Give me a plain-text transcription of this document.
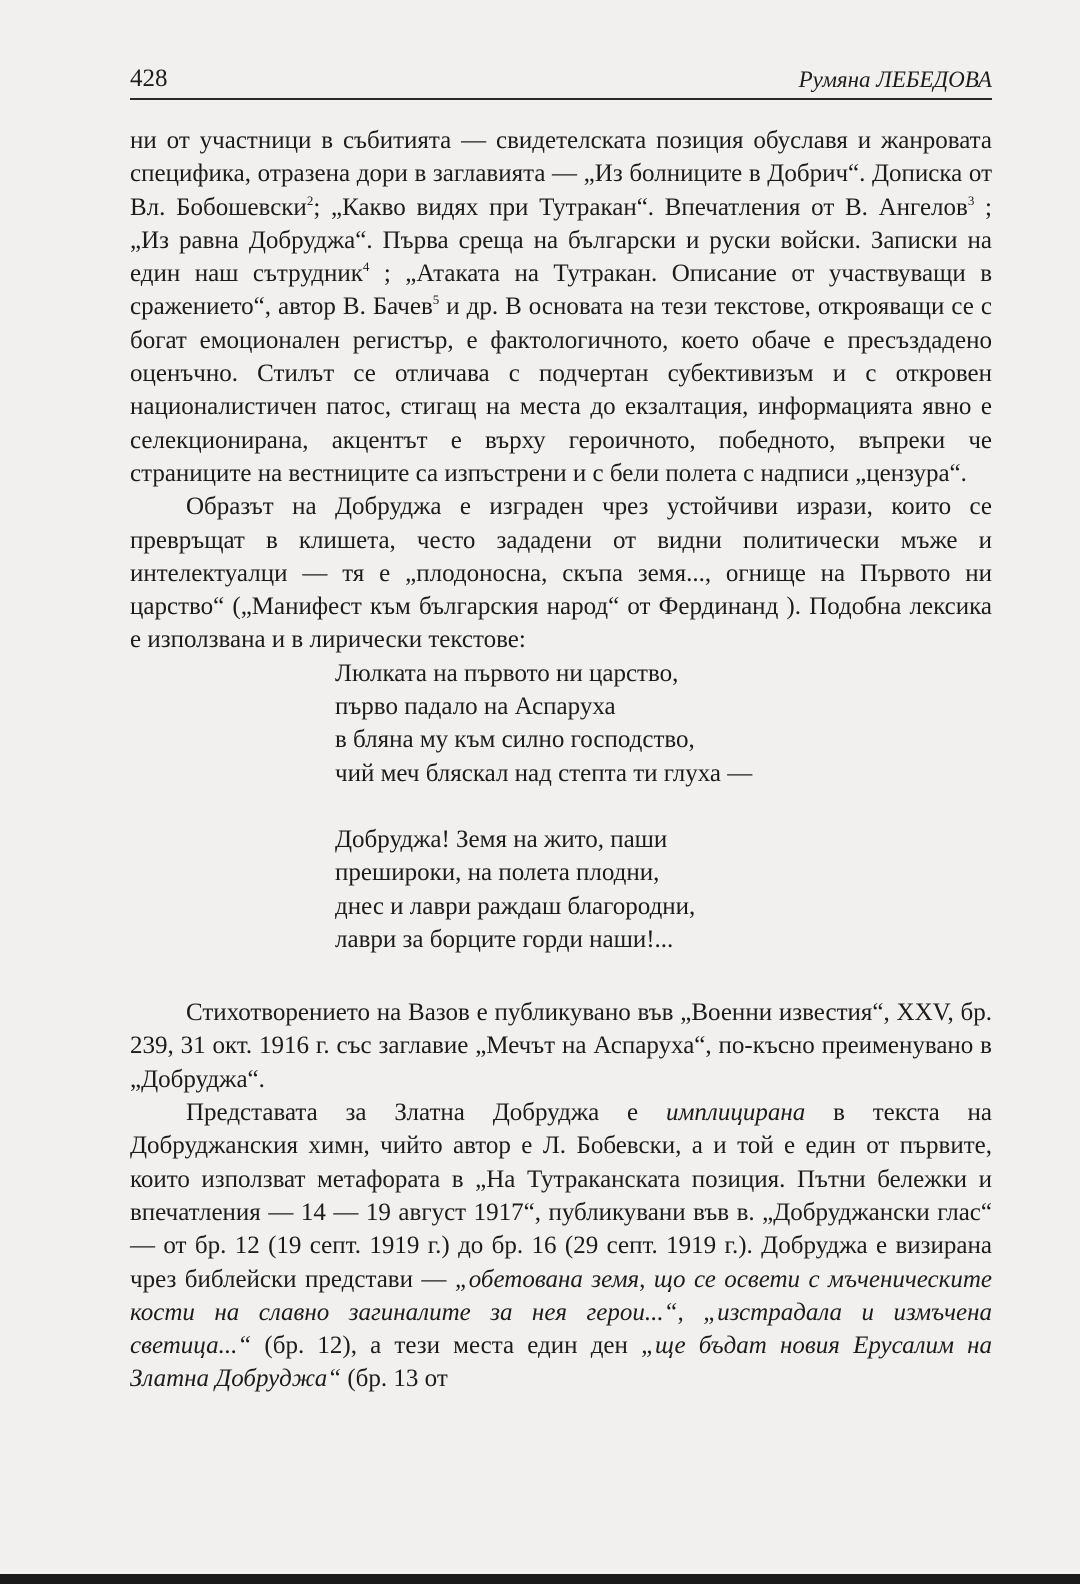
428	Румяна ЛЕБЕДОВА

ни от участници в събитията — свидетелската позиция обуславя и жанровата специфика, отразена дори в заглавията — „Из болниците в Добрич“. Дописка от Вл. Бобошевски$^2$; „Какво видях при Тутракан“. Впечатления от В. Ангелов$^3$ ; „Из равна Добруджа“. Първа среща на български и руски войски. Записки на един наш сътрудник$^4$ ; „Атаката на Тутракан. Описание от участвуващи в сражението“, автор В. Бачев$^5$ и др. В основата на тези текстове, открояващи се с богат емоционален регистър, е фактологичното, което обаче е пресъздадено оценъчно. Стилът се отличава с подчертан субективизъм и с откровен националистичен патос, стигащ на места до екзалтация, информацията явно е селекционирана, акцентът е върху героичното, победното, въпреки че страниците на вестниците са изпъстрени и с бели полета с надписи „цензура“.

Образът на Добруджа е изграден чрез устойчиви изрази, които се превръщат в клишета, често зададени от видни политически мъже и интелектуалци — тя е „плодоносна, скъпа земя..., огнище на Първото ни царство“ („Манифест към българския народ“ от Фердинанд ). Подобна лексика е използвана и в лирически текстове:

Люлката на първото ни царство,
първо падало на Аспаруха
в бляна му към силно господство,
чий меч бляскал над степта ти глуха —
Добруджа! Земя на жито, паши
прешироки, на полета плодни,
днес и лаври раждаш благородни,
лаври за борците горди наши!...

Стихотворението на Вазов е публикувано във „Военни известия“, XXV, бр. 239, 31 окт. 1916 г. със заглавие „Мечът на Аспаруха“, по-късно преименувано в „Добруджа“.

Представата за Златна Добруджа е имплицирана в текста на Добруджанския химн, чийто автор е Л. Бобевски, а и той е един от първите, които използват метафората в „На Тутраканската позиция. Пътни бележки и впечатления — 14 — 19 август 1917“, публикувани във в. „Добруджански глас“ — от бр. 12 (19 септ. 1919 г.) до бр. 16 (29 септ. 1919 г.). Добруджа е визирана чрез библейски представи — „обетована земя, що се освети с мъченическите кости на славно загиналите за нея герои...“, „изстрадала и измъчена светица...“ (бр. 12), а тези места един ден „ще бъдат новия Ерусалим на Златна Добруджа“ (бр. 13 от
